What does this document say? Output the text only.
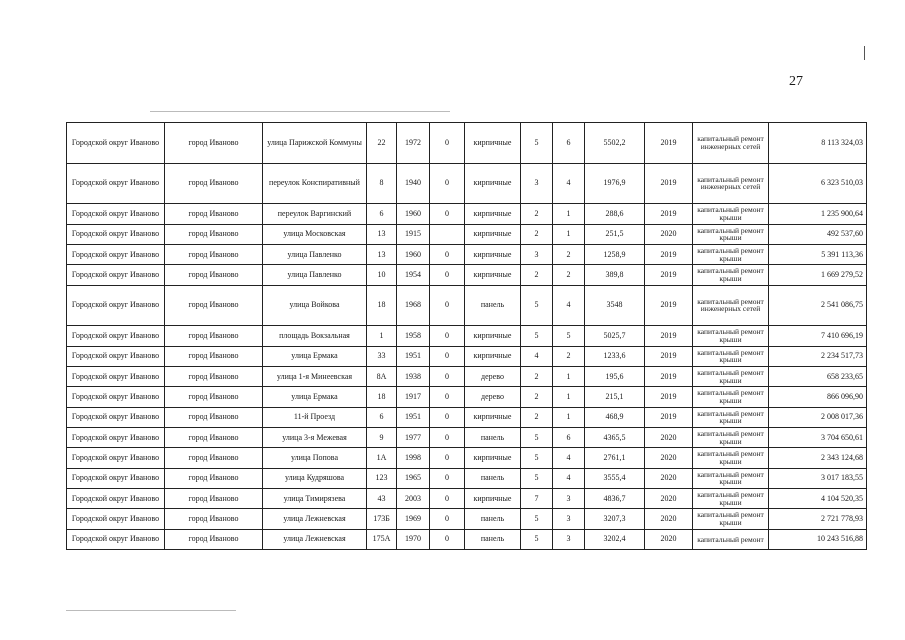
27
Городской округ Иваново	город Иваново	улица Парижской Коммуны	22	1972	0	кирпичные	5	6	5502,2	2019	капитальный ремонт инженерных сетей	8 113 324,03
Городской округ Иваново	город Иваново	переулок Конспиративный	8	1940	0	кирпичные	3	4	1976,9	2019	капитальный ремонт инженерных сетей	6 323 510,03
Городской округ Иваново	город Иваново	переулок Варгинский	6	1960	0	кирпичные	2	1	288,6	2019	капитальный ремонт крыши	1 235 900,64
Городской округ Иваново	город Иваново	улица Московская	13	1915		кирпичные	2	1	251,5	2020	капитальный ремонт крыши	492 537,60
Городской округ Иваново	город Иваново	улица Павленко	13	1960	0	кирпичные	3	2	1258,9	2019	капитальный ремонт крыши	5 391 113,36
Городской округ Иваново	город Иваново	улица Павленко	10	1954	0	кирпичные	2	2	389,8	2019	капитальный ремонт крыши	1 669 279,52
Городской округ Иваново	город Иваново	улица Войкова	18	1968	0	панель	5	4	3548	2019	капитальный ремонт инженерных сетей	2 541 086,75
Городской округ Иваново	город Иваново	площадь Вокзальная	1	1958	0	кирпичные	5	5	5025,7	2019	капитальный ремонт крыши	7 410 696,19
Городской округ Иваново	город Иваново	улица Ермака	33	1951	0	кирпичные	4	2	1233,6	2019	капитальный ремонт крыши	2 234 517,73
Городской округ Иваново	город Иваново	улица 1-я Минеевская	8А	1938	0	дерево	2	1	195,6	2019	капитальный ремонт крыши	658 233,65
Городской округ Иваново	город Иваново	улица Ермака	18	1917	0	дерево	2	1	215,1	2019	капитальный ремонт крыши	866 096,90
Городской округ Иваново	город Иваново	11-й Проезд	6	1951	0	кирпичные	2	1	468,9	2019	капитальный ремонт крыши	2 008 017,36
Городской округ Иваново	город Иваново	улица 3-я Межевая	9	1977	0	панель	5	6	4365,5	2020	капитальный ремонт крыши	3 704 650,61
Городской округ Иваново	город Иваново	улица Попова	1А	1998	0	кирпичные	5	4	2761,1	2020	капитальный ремонт крыши	2 343 124,68
Городской округ Иваново	город Иваново	улица Кудряшова	123	1965	0	панель	5	4	3555,4	2020	капитальный ремонт крыши	3 017 183,55
Городской округ Иваново	город Иваново	улица Тимирязева	43	2003	0	кирпичные	7	3	4836,7	2020	капитальный ремонт крыши	4 104 520,35
Городской округ Иваново	город Иваново	улица Лежневская	173Б	1969	0	панель	5	3	3207,3	2020	капитальный ремонт крыши	2 721 778,93
Городской округ Иваново	город Иваново	улица Лежневская	175А	1970	0	панель	5	3	3202,4	2020	капитальный ремонт	10 243 516,88
